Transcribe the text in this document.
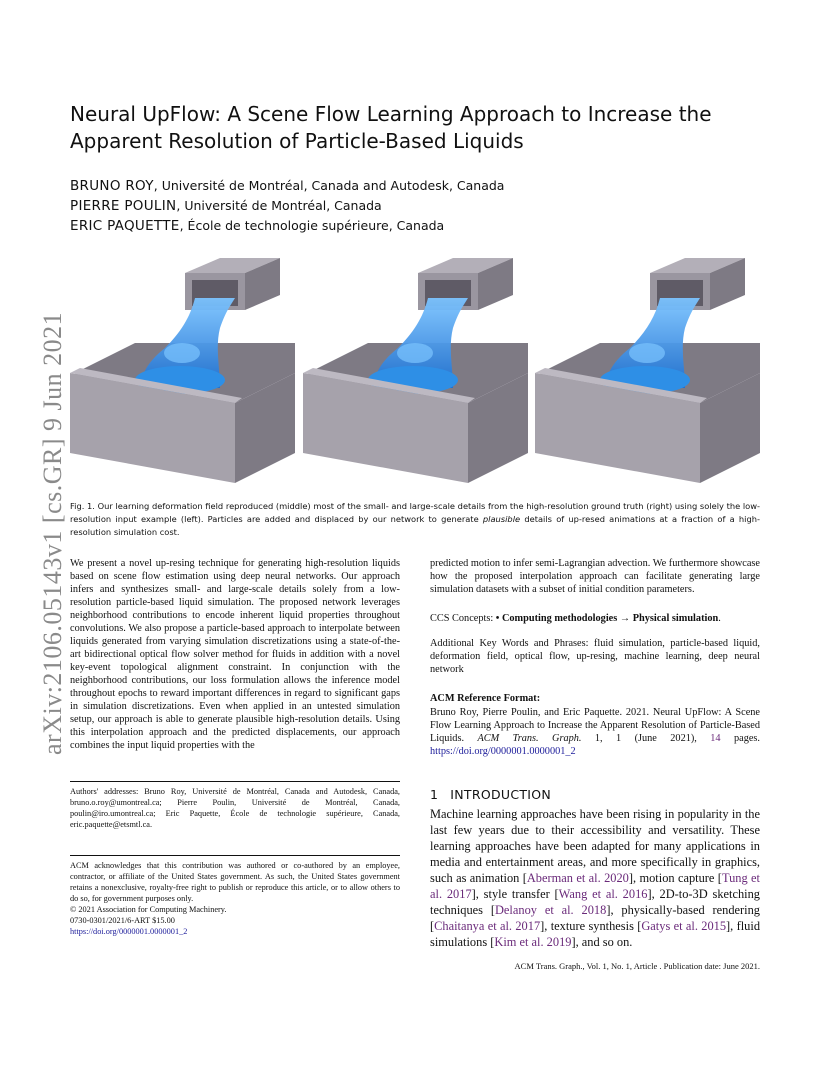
arXiv:2106.05143v1 [cs.GR] 9 Jun 2021
Neural UpFlow: A Scene Flow Learning Approach to Increase the Apparent Resolution of Particle-Based Liquids
BRUNO ROY, Université de Montréal, Canada and Autodesk, Canada
PIERRE POULIN, Université de Montréal, Canada
ERIC PAQUETTE, École de technologie supérieure, Canada
Fig. 1. Our learning deformation field reproduced (middle) most of the small- and large-scale details from the high-resolution ground truth (right) using solely the low-resolution input example (left). Particles are added and displaced by our network to generate plausible details of up-resed animations at a fraction of a high-resolution simulation cost.
We present a novel up-resing technique for generating high-resolution liquids based on scene flow estimation using deep neural networks. Our approach infers and synthesizes small- and large-scale details solely from a low-resolution particle-based liquid simulation. The proposed network leverages neighborhood contributions to encode inherent liquid properties throughout convolutions. We also propose a particle-based approach to interpolate between liquids generated from varying simulation discretizations using a state-of-the-art bidirectional optical flow solver method for fluids in addition with a novel key-event topological alignment constraint. In conjunction with the neighborhood contributions, our loss formulation allows the inference model throughout epochs to reward important differences in regard to significant gaps in simulation discretizations. Even when applied in an untested simulation setup, our approach is able to generate plausible high-resolution details. Using this interpolation approach and the predicted displacements, our approach combines the input liquid properties with the
predicted motion to infer semi-Lagrangian advection. We furthermore showcase how the proposed interpolation approach can facilitate generating large simulation datasets with a subset of initial condition parameters.
CCS Concepts: • Computing methodologies → Physical simulation.
Additional Key Words and Phrases: fluid simulation, particle-based liquid, deformation field, optical flow, up-resing, machine learning, deep neural network
ACM Reference Format:
Bruno Roy, Pierre Poulin, and Eric Paquette. 2021. Neural UpFlow: A Scene Flow Learning Approach to Increase the Apparent Resolution of Particle-Based Liquids. ACM Trans. Graph. 1, 1 (June 2021), 14 pages. https://doi.org/0000001.0000001_2
Authors' addresses: Bruno Roy, Université de Montréal, Canada and Autodesk, Canada, bruno.o.roy@umontreal.ca; Pierre Poulin, Université de Montréal, Canada, poulin@iro.umontreal.ca; Eric Paquette, École de technologie supérieure, Canada, eric.paquette@etsmtl.ca.
ACM acknowledges that this contribution was authored or co-authored by an employee, contractor, or affiliate of the United States government. As such, the United States government retains a nonexclusive, royalty-free right to publish or reproduce this article, or to allow others to do so, for government purposes only.
© 2021 Association for Computing Machinery.
0730-0301/2021/6-ART $15.00
https://doi.org/0000001.0000001_2
1 INTRODUCTION
Machine learning approaches have been rising in popularity in the last few years due to their accessibility and versatility. These learning approaches have been adapted for many applications in media and entertainment areas, and more specifically in graphics, such as animation [Aberman et al. 2020], motion capture [Tung et al. 2017], style transfer [Wang et al. 2016], 2D-to-3D sketching techniques [Delanoy et al. 2018], physically-based rendering [Chaitanya et al. 2017], texture synthesis [Gatys et al. 2015], fluid simulations [Kim et al. 2019], and so on.
ACM Trans. Graph., Vol. 1, No. 1, Article . Publication date: June 2021.
